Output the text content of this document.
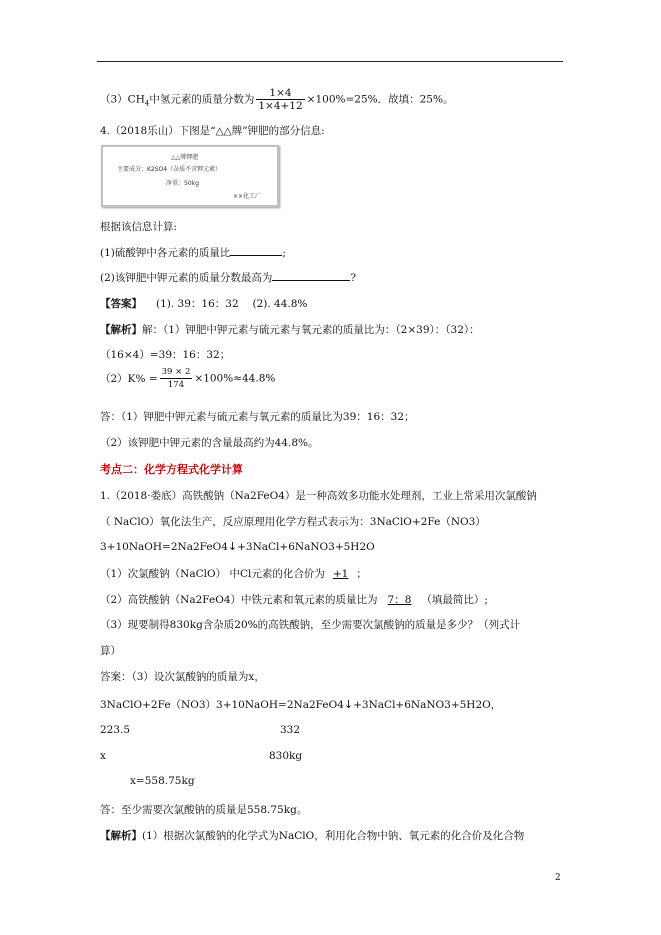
$(3)CH_4$中氢元素的质量分数为 $\frac{1\times 4}{1\times 4+12} \times 100\%=25\%$．故填：25%。
4.（2018乐山）下图是“△△牌”钾肥的部分信息:
△△牌钾肥
主要成分：K2SO4（杂质不含钾元素）
净重：50kg
××化工厂
根据该信息计算:
(1)硫酸钾中各元素的质量比	;
(2)该钾肥中钾元素的质量分数最高为	?
【答案】 (1). 39：16：32　 (2). 44.8%
【解析】解：（1）钾肥中钾元素与硫元素与氧元素的质量比为：（2×39）：（32）：
（16×4）=39：16：32；
$(2)K\% = \frac{39 \times 2}{174} \times 100\%\approx 44.8\%$
答：（1）钾肥中钾元素与硫元素与氧元素的质量比为39：16：32；
（2）该钾肥中钾元素的含量最高约为44.8%。
考点二：化学方程式化学计算
1.（2018·娄底）高铁酸钠（Na2FeO4）是一种高效多功能水处理剂，工业上常采用次氯酸钠
（ NaClO）氧化法生产，反应原理用化学方程式表示为：3NaClO+2Fe（NO3）
3+10NaOH=2Na2FeO4↓+3NaCl+6NaNO3+5H2O
（1）次氯酸钠（NaClO） 中Cl元素的化合价为 +1 ；
（2）高铁酸钠（Na2FeO4）中铁元素和氧元素的质量比为 7：8 （填最简比）;
（3）现要制得830kg含杂质20%的高铁酸钠，至少需要次氯酸钠的质量是多少？（列式计
算）
答案：（3）设次氯酸钠的质量为x，
3NaClO+2Fe（NO3）3+10NaOH=2Na2FeO4↓+3NaCl+6NaNO3+5H2O，
223.5	332
x	830kg
x=558.75kg
答：至少需要次氯酸钠的质量是558.75kg。
【解析】(1）根据次氯酸钠的化学式为NaClO，利用化合物中钠、氧元素的化合价及化合物
2
